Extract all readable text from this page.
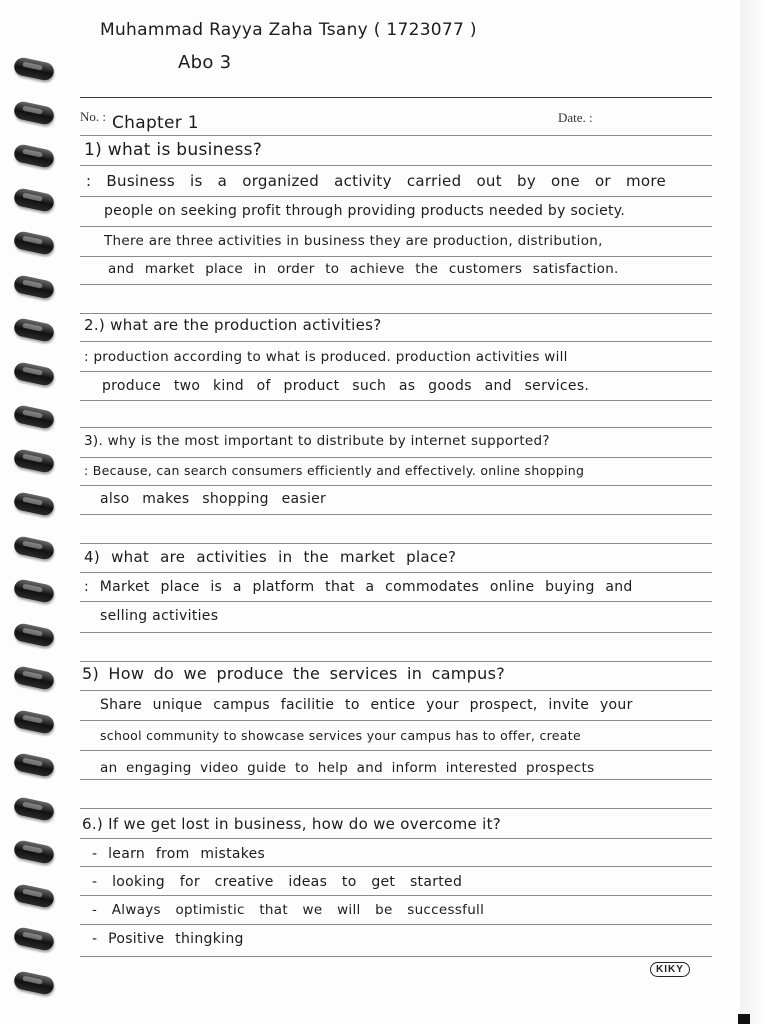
Muhammad Rayya Zaha Tsany ( 1723077 )
Abo 3
No. :	Date. :
Chapter 1
1) what is business?
: Business is a organized activity carried out by one or more
people on seeking profit through providing products needed by society.
There are three activities in business they are production, distribution,
and market place in order to achieve the customers satisfaction.
2.) what are the production activities?
: production according to what is produced. production activities will
produce two kind of product such as goods and services.
3). why is the most important to distribute by internet supported?
: Because, can search consumers efficiently and effectively. online shopping
also makes shopping easier
4) what are activities in the market place?
: Market place is a platform that a commodates online buying and
selling activities
5) How do we produce the services in campus?
Share unique campus facilitie to entice your prospect, invite your
school community to showcase services your campus has to offer, create
an engaging video guide to help and inform interested prospects
6.) If we get lost in business, how do we overcome it?
- learn from mistakes
- looking for creative ideas to get started
- Always optimistic that we will be successfull
- Positive thingking
KIKY
